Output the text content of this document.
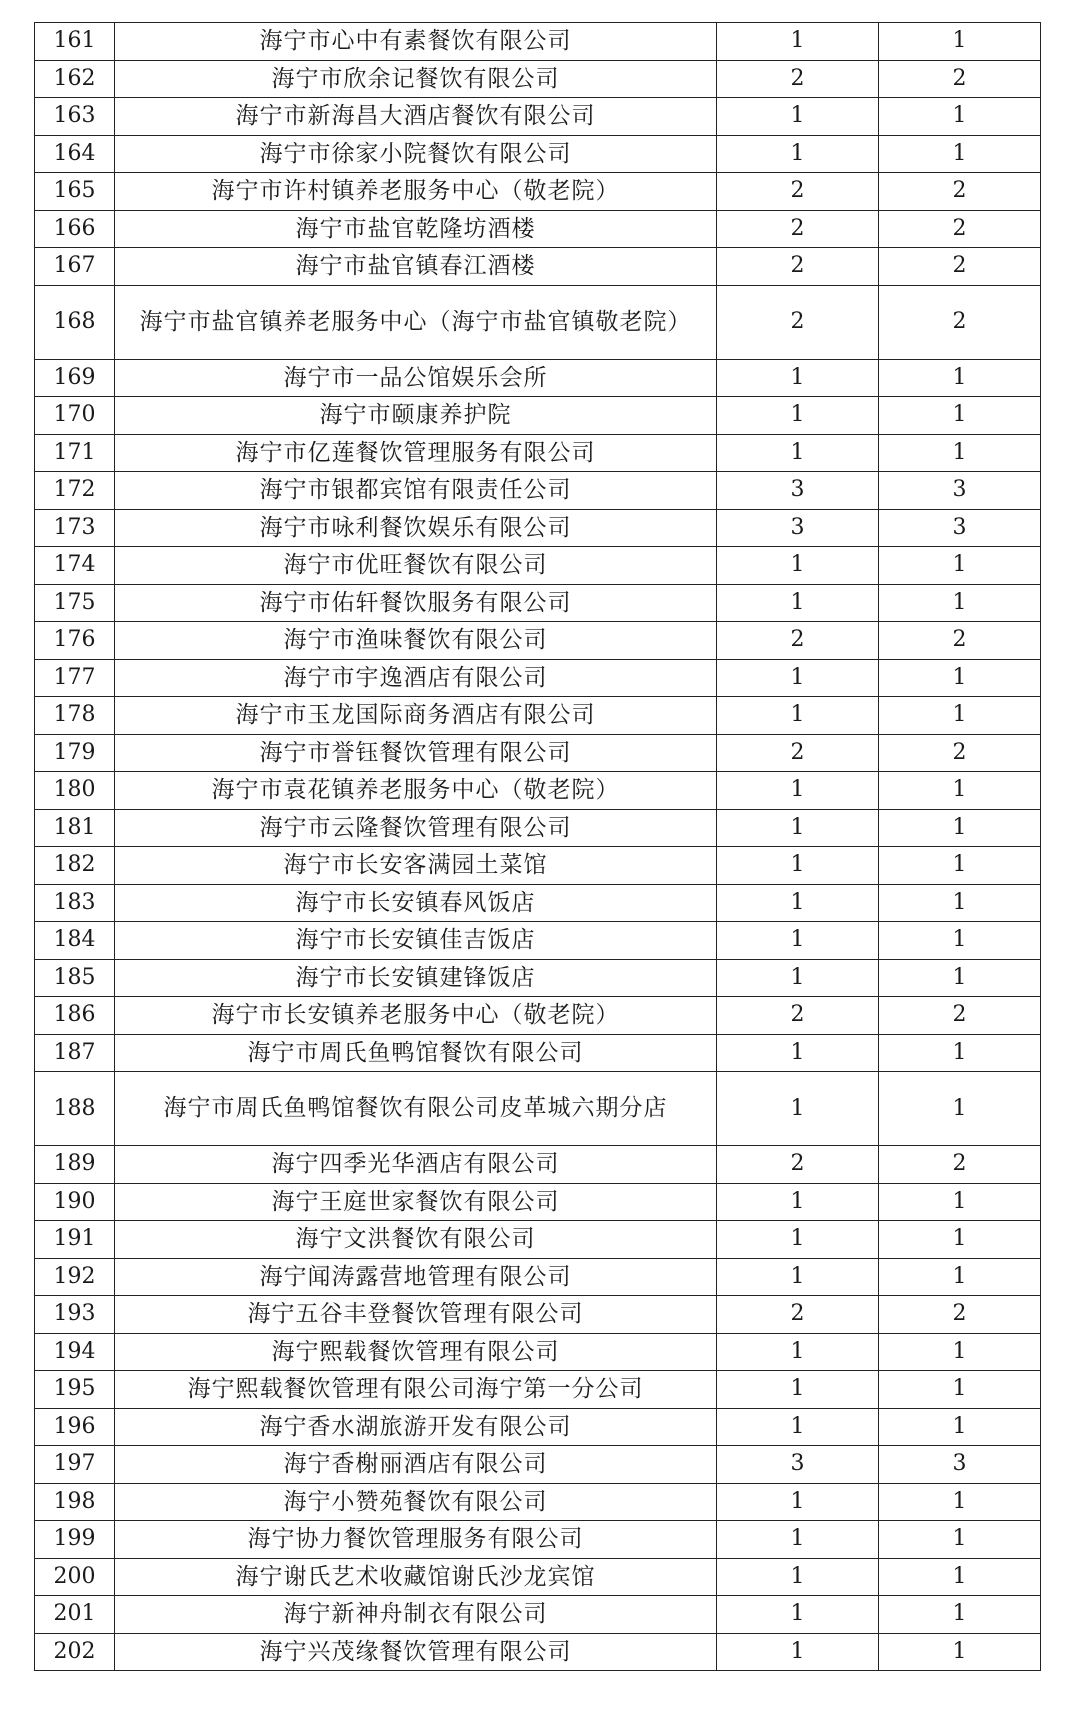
161	海宁市心中有素餐饮有限公司	1	1
162	海宁市欣余记餐饮有限公司	2	2
163	海宁市新海昌大酒店餐饮有限公司	1	1
164	海宁市徐家小院餐饮有限公司	1	1
165	海宁市许村镇养老服务中心（敬老院）	2	2
166	海宁市盐官乾隆坊酒楼	2	2
167	海宁市盐官镇春江酒楼	2	2
168	海宁市盐官镇养老服务中心（海宁市盐官镇敬老院）	2	2
169	海宁市一品公馆娱乐会所	1	1
170	海宁市颐康养护院	1	1
171	海宁市亿莲餐饮管理服务有限公司	1	1
172	海宁市银都宾馆有限责任公司	3	3
173	海宁市咏利餐饮娱乐有限公司	3	3
174	海宁市优旺餐饮有限公司	1	1
175	海宁市佑轩餐饮服务有限公司	1	1
176	海宁市渔味餐饮有限公司	2	2
177	海宁市宇逸酒店有限公司	1	1
178	海宁市玉龙国际商务酒店有限公司	1	1
179	海宁市誉钰餐饮管理有限公司	2	2
180	海宁市袁花镇养老服务中心（敬老院）	1	1
181	海宁市云隆餐饮管理有限公司	1	1
182	海宁市长安客满园土菜馆	1	1
183	海宁市长安镇春风饭店	1	1
184	海宁市长安镇佳吉饭店	1	1
185	海宁市长安镇建锋饭店	1	1
186	海宁市长安镇养老服务中心（敬老院）	2	2
187	海宁市周氏鱼鸭馆餐饮有限公司	1	1
188	海宁市周氏鱼鸭馆餐饮有限公司皮革城六期分店	1	1
189	海宁四季光华酒店有限公司	2	2
190	海宁王庭世家餐饮有限公司	1	1
191	海宁文洪餐饮有限公司	1	1
192	海宁闻涛露营地管理有限公司	1	1
193	海宁五谷丰登餐饮管理有限公司	2	2
194	海宁熙载餐饮管理有限公司	1	1
195	海宁熙载餐饮管理有限公司海宁第一分公司	1	1
196	海宁香水湖旅游开发有限公司	1	1
197	海宁香榭丽酒店有限公司	3	3
198	海宁小赞苑餐饮有限公司	1	1
199	海宁协力餐饮管理服务有限公司	1	1
200	海宁谢氏艺术收藏馆谢氏沙龙宾馆	1	1
201	海宁新神舟制衣有限公司	1	1
202	海宁兴茂缘餐饮管理有限公司	1	1
